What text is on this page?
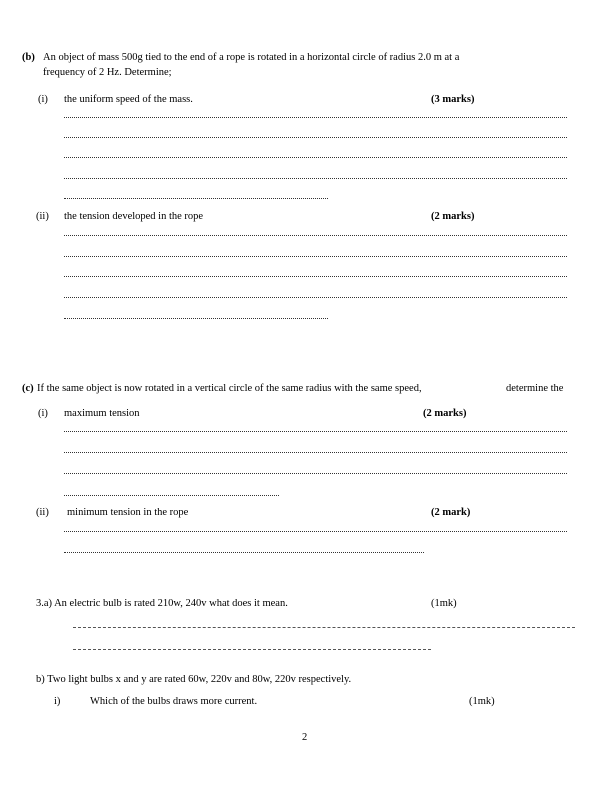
(b) An object of mass 500g tied to the end of a rope is rotated in a horizontal circle of radius 2.0 m at a
frequency of 2 Hz. Determine;
(i) the uniform speed of the mass.	(3 marks)
(ii) the tension developed in the rope	(2 marks)
(c) If the same object is now rotated in a vertical circle of the same radius with the same speed,	determine the
(i) maximum tension	(2 marks)
(ii) minimum tension in the rope	(2 mark)
3.a) An electric bulb is rated 210w, 240v what does it mean.	(1mk)
b) Two light bulbs x and y are rated 60w, 220v and 80w, 220v respectively.
i)	Which of the bulbs draws more current.	(1mk)
2
